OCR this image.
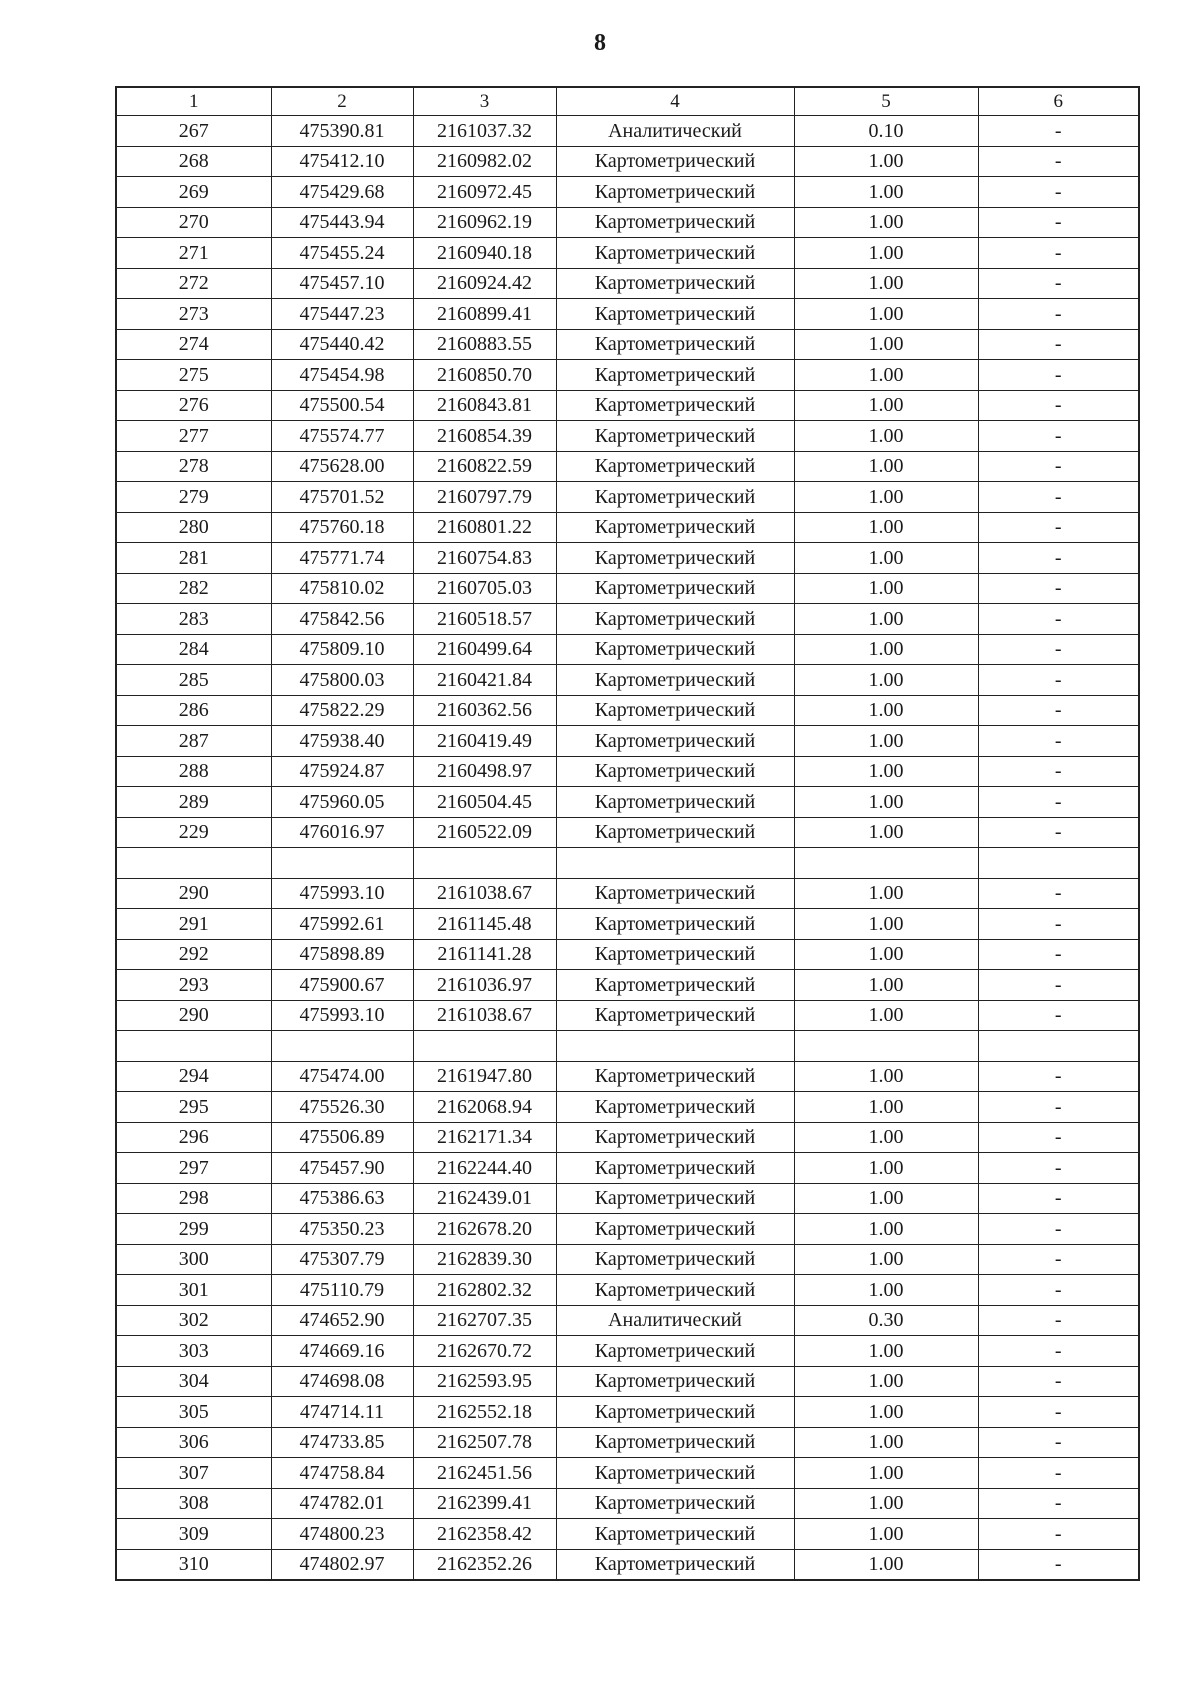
8
1	2	3	4	5	6
267	475390.81	2161037.32	Аналитический	0.10	-
268	475412.10	2160982.02	Картометрический	1.00	-
269	475429.68	2160972.45	Картометрический	1.00	-
270	475443.94	2160962.19	Картометрический	1.00	-
271	475455.24	2160940.18	Картометрический	1.00	-
272	475457.10	2160924.42	Картометрический	1.00	-
273	475447.23	2160899.41	Картометрический	1.00	-
274	475440.42	2160883.55	Картометрический	1.00	-
275	475454.98	2160850.70	Картометрический	1.00	-
276	475500.54	2160843.81	Картометрический	1.00	-
277	475574.77	2160854.39	Картометрический	1.00	-
278	475628.00	2160822.59	Картометрический	1.00	-
279	475701.52	2160797.79	Картометрический	1.00	-
280	475760.18	2160801.22	Картометрический	1.00	-
281	475771.74	2160754.83	Картометрический	1.00	-
282	475810.02	2160705.03	Картометрический	1.00	-
283	475842.56	2160518.57	Картометрический	1.00	-
284	475809.10	2160499.64	Картометрический	1.00	-
285	475800.03	2160421.84	Картометрический	1.00	-
286	475822.29	2160362.56	Картометрический	1.00	-
287	475938.40	2160419.49	Картометрический	1.00	-
288	475924.87	2160498.97	Картометрический	1.00	-
289	475960.05	2160504.45	Картометрический	1.00	-
229	476016.97	2160522.09	Картометрический	1.00	-

290	475993.10	2161038.67	Картометрический	1.00	-
291	475992.61	2161145.48	Картометрический	1.00	-
292	475898.89	2161141.28	Картометрический	1.00	-
293	475900.67	2161036.97	Картометрический	1.00	-
290	475993.10	2161038.67	Картометрический	1.00	-

294	475474.00	2161947.80	Картометрический	1.00	-
295	475526.30	2162068.94	Картометрический	1.00	-
296	475506.89	2162171.34	Картометрический	1.00	-
297	475457.90	2162244.40	Картометрический	1.00	-
298	475386.63	2162439.01	Картометрический	1.00	-
299	475350.23	2162678.20	Картометрический	1.00	-
300	475307.79	2162839.30	Картометрический	1.00	-
301	475110.79	2162802.32	Картометрический	1.00	-
302	474652.90	2162707.35	Аналитический	0.30	-
303	474669.16	2162670.72	Картометрический	1.00	-
304	474698.08	2162593.95	Картометрический	1.00	-
305	474714.11	2162552.18	Картометрический	1.00	-
306	474733.85	2162507.78	Картометрический	1.00	-
307	474758.84	2162451.56	Картометрический	1.00	-
308	474782.01	2162399.41	Картометрический	1.00	-
309	474800.23	2162358.42	Картометрический	1.00	-
310	474802.97	2162352.26	Картометрический	1.00	-
